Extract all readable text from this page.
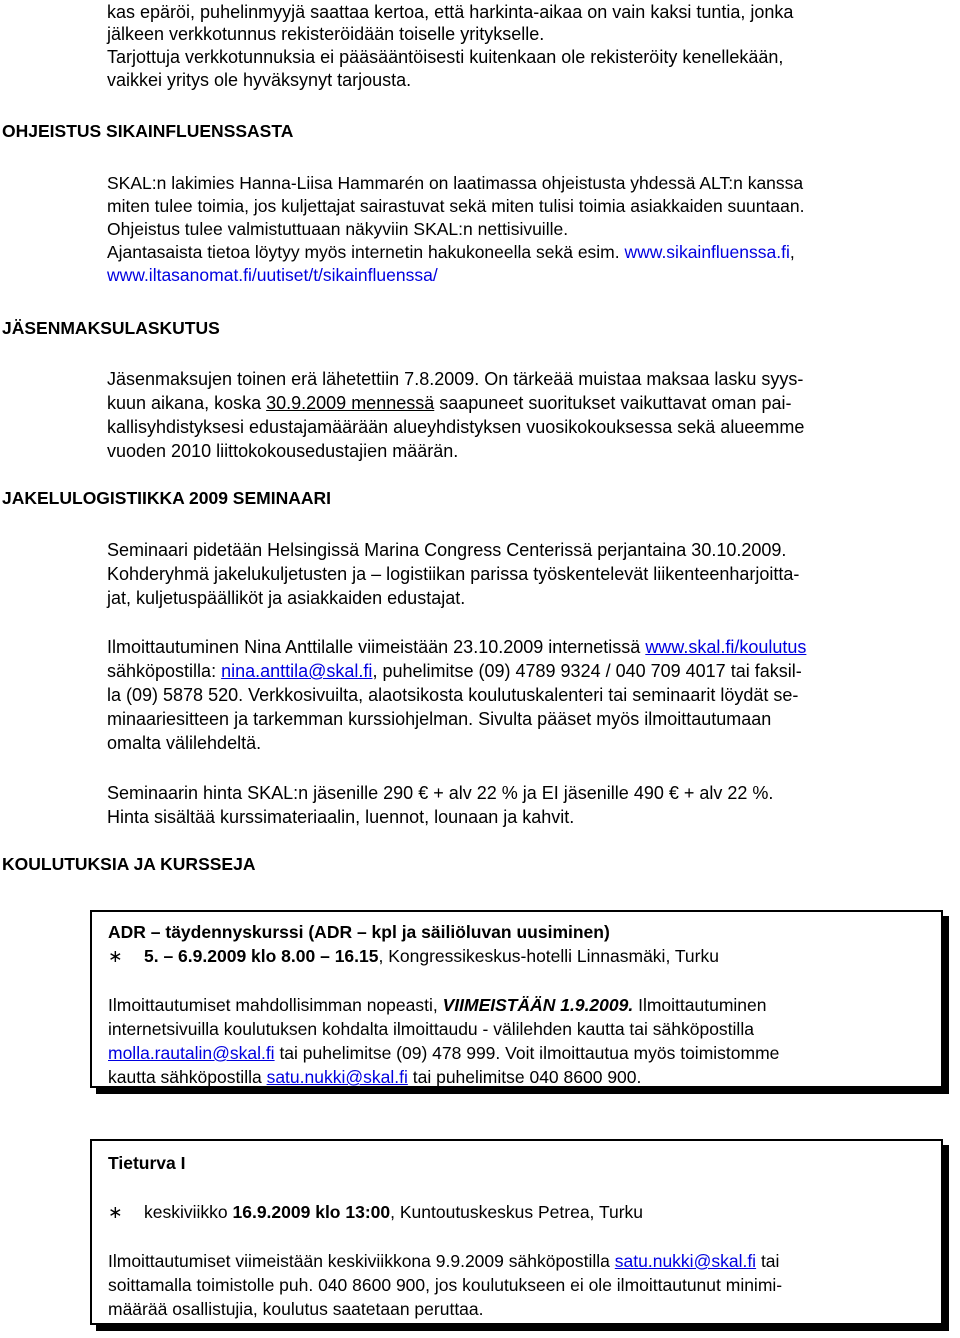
kas epäröi, puhelinmyyjä saattaa kertoa, että harkinta-aikaa on vain kaksi tuntia, jonka

jälkeen verkkotunnus rekisteröidään toiselle yritykselle.

Tarjottuja verkkotunnuksia ei pääsääntöisesti kuitenkaan ole rekisteröity kenellekään,

vaikkei yritys ole hyväksynyt tarjousta.

OHJEISTUS SIKAINFLUENSSASTA

SKAL:n lakimies Hanna-Liisa Hammarén on laatimassa ohjeistusta yhdessä ALT:n kanssa

miten tulee toimia, jos kuljettajat sairastuvat sekä miten tulisi toimia asiakkaiden suuntaan.

Ohjeistus tulee valmistuttuaan näkyviin SKAL:n nettisivuille.

Ajantasaista tietoa löytyy myös internetin hakukoneella sekä esim. www.sikainfluenssa.fi,

www.iltasanomat.fi/uutiset/t/sikainfluenssa/

JÄSENMAKSULASKUTUS

Jäsenmaksujen toinen erä lähetettiin 7.8.2009. On tärkeää muistaa maksaa lasku syys-

kuun aikana, koska 30.9.2009 mennessä saapuneet suoritukset vaikuttavat oman pai-

kallisyhdistyksesi edustajamäärään alueyhdistyksen vuosikokouksessa sekä alueemme

vuoden 2010 liittokokousedustajien määrän.

JAKELULOGISTIIKKA 2009 SEMINAARI

Seminaari pidetään Helsingissä Marina Congress Centerissä perjantaina 30.10.2009.

Kohderyhmä jakelukuljetusten ja – logistiikan parissa työskentelevät liikenteenharjoitta-

jat, kuljetuspäälliköt ja asiakkaiden edustajat.

Ilmoittautuminen Nina Anttilalle viimeistään 23.10.2009 internetissä www.skal.fi/koulutus

sähköpostilla: nina.anttila@skal.fi, puhelimitse (09) 4789 9324 / 040 709 4017 tai faksil-

la (09) 5878 520. Verkkosivuilta, alaotsikosta koulutuskalenteri tai seminaarit löydät se-

minaariesitteen ja tarkemman kurssiohjelman. Sivulta pääset myös ilmoittautumaan

omalta välilehdeltä.

Seminaarin hinta SKAL:n jäsenille 290 € + alv 22 % ja EI jäsenille 490 € + alv 22 %.

Hinta sisältää kurssimateriaalin, luennot, lounaan ja kahvit.

KOULUTUKSIA JA KURSSEJA
ADR – täydennyskurssi (ADR – kpl ja säiliöluvan uusiminen)
∗ 5. – 6.9.2009 klo 8.00 – 16.15, Kongressikeskus-hotelli Linnasmäki, Turku
Ilmoittautumiset mahdollisimman nopeasti, VIIMEISTÄÄN 1.9.2009. Ilmoittautuminen
internetsivuilla koulutuksen kohdalta ilmoittaudu - välilehden kautta tai sähköpostilla
molla.rautalin@skal.fi tai puhelimitse (09) 478 999. Voit ilmoittautua myös toimistomme
kautta sähköpostilla satu.nukki@skal.fi tai puhelimitse 040 8600 900.
Tieturva I
∗ keskiviikko 16.9.2009 klo 13:00, Kuntoutuskeskus Petrea, Turku
Ilmoittautumiset viimeistään keskiviikkona 9.9.2009 sähköpostilla satu.nukki@skal.fi tai
soittamalla toimistolle puh. 040 8600 900, jos koulutukseen ei ole ilmoittautunut minimi-
määrää osallistujia, koulutus saatetaan peruttaa.
